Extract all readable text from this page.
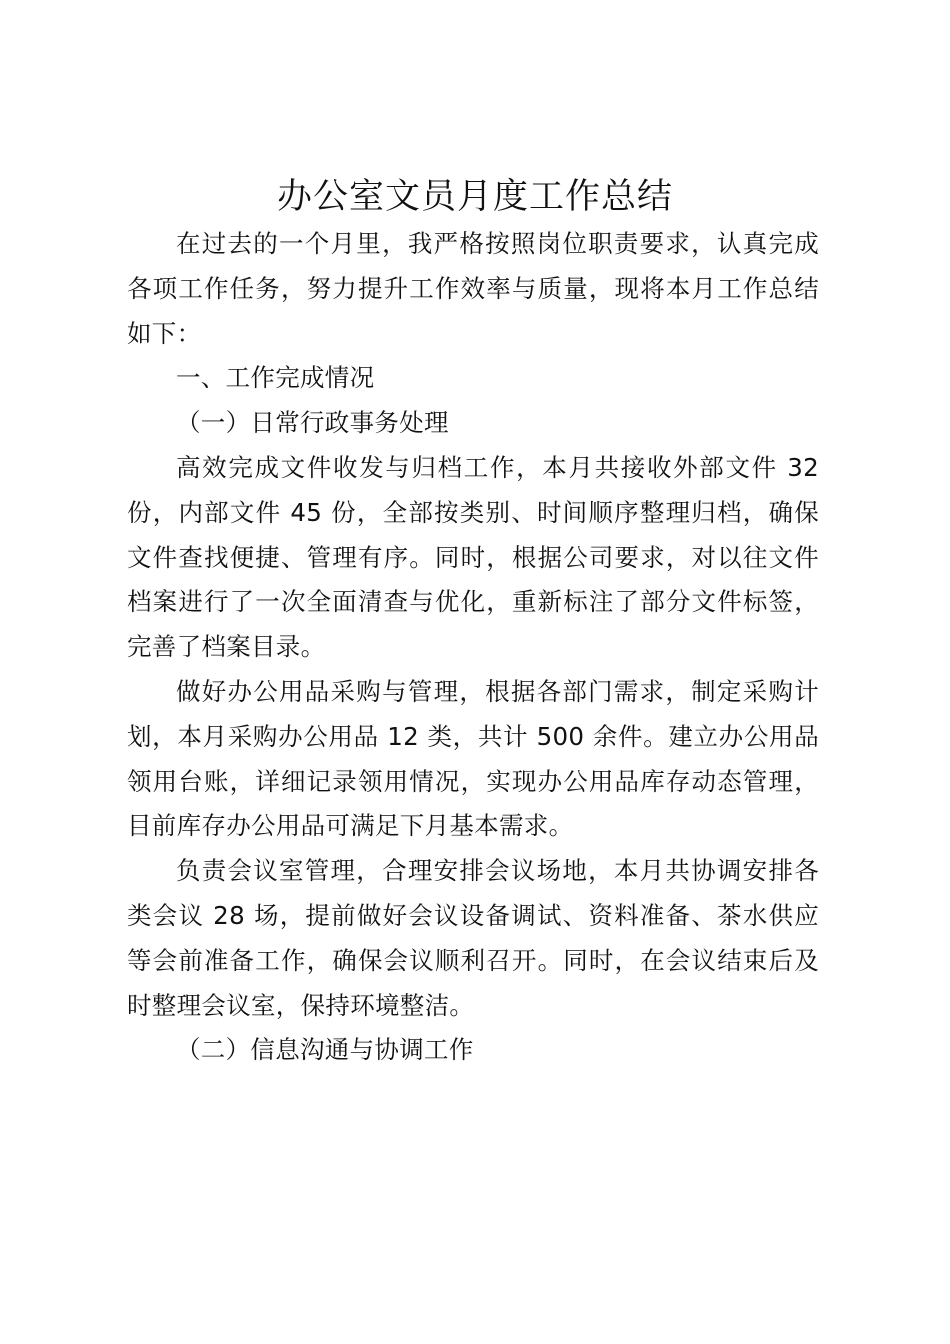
办公室文员月度工作总结

在过去的一个月里，我严格按照岗位职责要求，认真完成各项工作任务，努力提升工作效率与质量，现将本月工作总结如下：

一、工作完成情况

（一）日常行政事务处理

高效完成文件收发与归档工作，本月共接收外部文件 32 份，内部文件 45 份，全部按类别、时间顺序整理归档，确保文件查找便捷、管理有序。同时，根据公司要求，对以往文件档案进行了一次全面清查与优化，重新标注了部分文件标签，完善了档案目录。

做好办公用品采购与管理，根据各部门需求，制定采购计划，本月采购办公用品 12 类，共计 500 余件。建立办公用品领用台账，详细记录领用情况，实现办公用品库存动态管理，目前库存办公用品可满足下月基本需求。

负责会议室管理，合理安排会议场地，本月共协调安排各类会议 28 场，提前做好会议设备调试、资料准备、茶水供应等会前准备工作，确保会议顺利召开。同时，在会议结束后及时整理会议室，保持环境整洁。

（二）信息沟通与协调工作
